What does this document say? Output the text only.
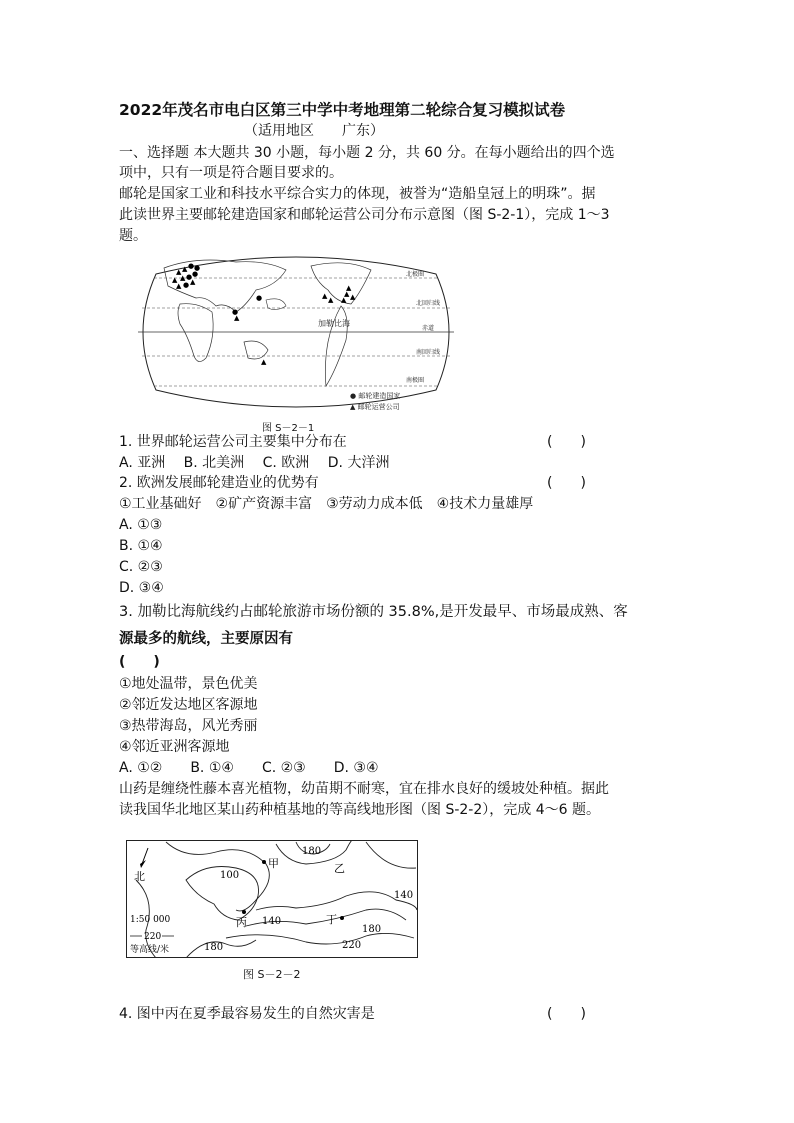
2022年茂名市电白区第三中学中考地理第二轮综合复习模拟试卷
（适用地区　　广东）
一、选择题 本大题共 30 小题，每小题 2 分，共 60 分。在每小题给出的四个选
项中，只有一项是符合题目要求的。
邮轮是国家工业和科技水平综合实力的体现，被誉为“造船皇冠上的明珠”。据
此读世界主要邮轮建造国家和邮轮运营公司分布示意图（图 S-2-1），完成 1～3
题。
▲ ▲ ●
▲ ▲ ● ●
▲ ● ▲
●
●
▲
●
▲
▲ ▲
▲
▲
▲ ▲
北极圈
北回归线
赤道
南回归线
南极圈
加勒比海
● 邮轮建造国家
▲ 邮轮运营公司
图 S－2－1
1. 世界邮轮运营公司主要集中分布在	(　　)
A. 亚洲　 B. 北美洲　 C. 欧洲　 D. 大洋洲
2. 欧洲发展邮轮建造业的优势有	(　　)
①工业基础好　②矿产资源丰富　③劳动力成本低　④技术力量雄厚
A. ①③
B. ①④
C. ②③
D. ③④
3. 加勒比海航线约占邮轮旅游市场份额的 35.8%,是开发最早、市场最成熟、客
源最多的航线，主要原因有
(　　)
①地处温带，景色优美
②邻近发达地区客源地
③热带海岛，风光秀丽
④邻近亚洲客源地
A. ①②　　B. ①④　　C. ②③　　D. ③④
山药是缠绕性藤本喜光植物，幼苗期不耐寒，宜在排水良好的缓坡处种植。据此
读我国华北地区某山药种植基地的等高线地形图（图 S-2-2），完成 4～6 题。
北
180
100
140
140
180
220
180
甲	乙
丙	丁
1:50 000
220
等高线/米
图 S－2－2
4. 图中丙在夏季最容易发生的自然灾害是	(　　)
